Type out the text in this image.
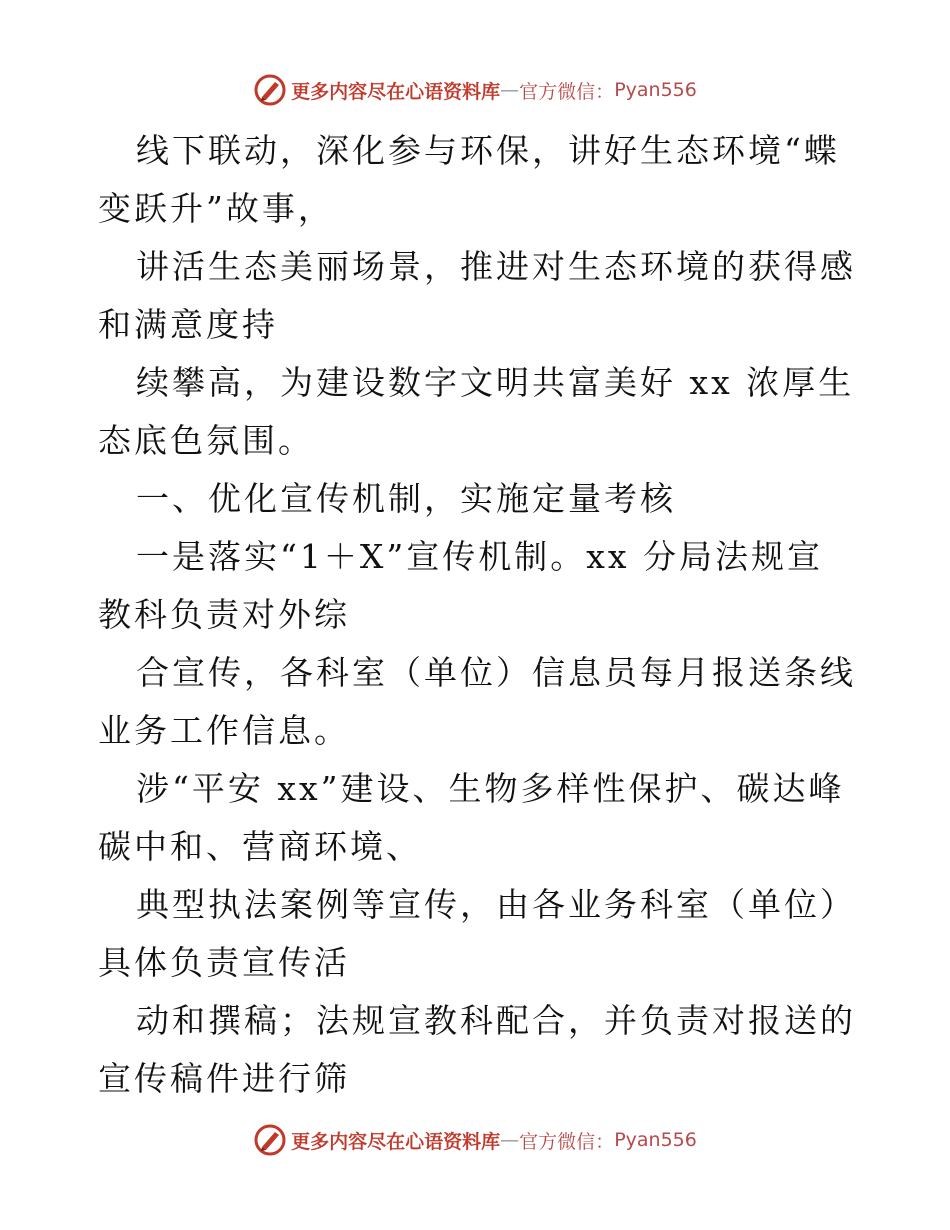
更多内容尽在心语资料库 — 官方微信： Pyan556

线下联动，深化参与环保，讲好生态环境“蝶变跃升”故事，

讲活生态美丽场景，推进对生态环境的获得感和满意度持

续攀高，为建设数字文明共富美好 xx 浓厚生态底色氛围。

一、优化宣传机制，实施定量考核

一是落实“1＋X”宣传机制。xx 分局法规宣教科负责对外综

合宣传，各科室（单位）信息员每月报送条线业务工作信息。

涉“平安 xx”建设、生物多样性保护、碳达峰碳中和、营商环境、

典型执法案例等宣传，由各业务科室（单位）具体负责宣传活

动和撰稿；法规宣教科配合，并负责对报送的宣传稿件进行筛

更多内容尽在心语资料库 — 官方微信： Pyan556
